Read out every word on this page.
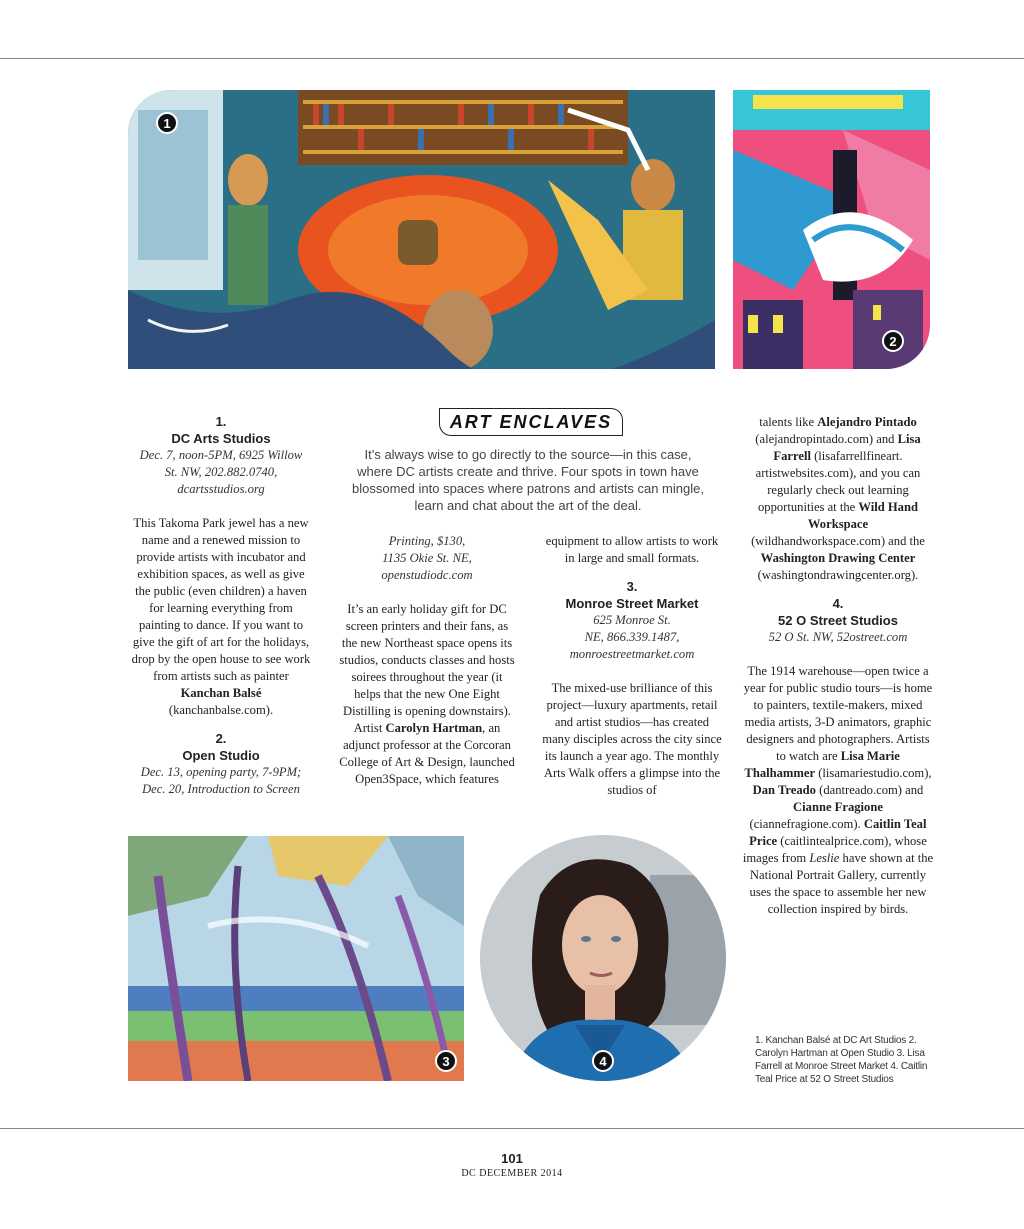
1
2
3	4
ART ENCLAVES
It’s always wise to go directly to the source—in this case, where DC artists create and thrive. Four spots in town have blossomed into spaces where patrons and artists can mingle, learn and chat about the art of the deal.
1.
DC Arts Studios
Dec. 7, noon-5PM, 6925 Willow
St. NW, 202.882.0740,
dcartsstudios.org

This Takoma Park jewel has a new name and a renewed mission to provide artists with incubator and exhibition spaces, as well as give the public (even children) a haven for learning everything from painting to dance. If you want to give the gift of art for the holidays, drop by the open house to see work from artists such as painter Kanchan Balsé (kanchanbalse.com).

2.
Open Studio
Dec. 13, opening party, 7-9PM;
Dec. 20, Introduction to Screen
Printing, $130,
1135 Okie St. NE,
openstudiodc.com

It’s an early holiday gift for DC screen printers and their fans, as the new Northeast space opens its studios, conducts classes and hosts soirees throughout the year (it helps that the new One Eight Distilling is opening downstairs). Artist Carolyn Hartman, an adjunct professor at the Corcoran College of Art & Design, launched Open3Space, which features

equipment to allow artists to work in large and small formats.

3.
Monroe Street Market
625 Monroe St.
NE, 866.339.1487,
monroestreetmarket.com

The mixed-use brilliance of this project—luxury apartments, retail and artist studios—has created many disciples across the city since its launch a year ago. The monthly Arts Walk offers a glimpse into the studios of

talents like Alejandro Pintado (alejandropintado.com) and Lisa Farrell (lisafarrellfineart. artistwebsites.com), and you can regularly check out learning opportunities at the Wild Hand Workspace (wildhandworkspace.com) and the Washington Drawing Center (washingtondrawingcenter.org).

4.
52 O Street Studios
52 O St. NW, 52ostreet.com

The 1914 warehouse—open twice a year for public studio tours—is home to painters, textile-makers, mixed media artists, 3-D animators, graphic designers and photographers. Artists to watch are Lisa Marie Thalhammer (lisamariestudio.com), Dan Treado (dantreado.com) and Cianne Fragione (ciannefragione.com). Caitlin Teal Price (caitlintealprice.com), whose images from Leslie have shown at the National Portrait Gallery, currently uses the space to assemble her new collection inspired by birds.

1. Kanchan Balsé at DC Art Studios 2. Carolyn Hartman at Open Studio 3. Lisa Farrell at Monroe Street Market 4. Caitlin Teal Price at 52 O Street Studios
101
DC DECEMBER 2014
